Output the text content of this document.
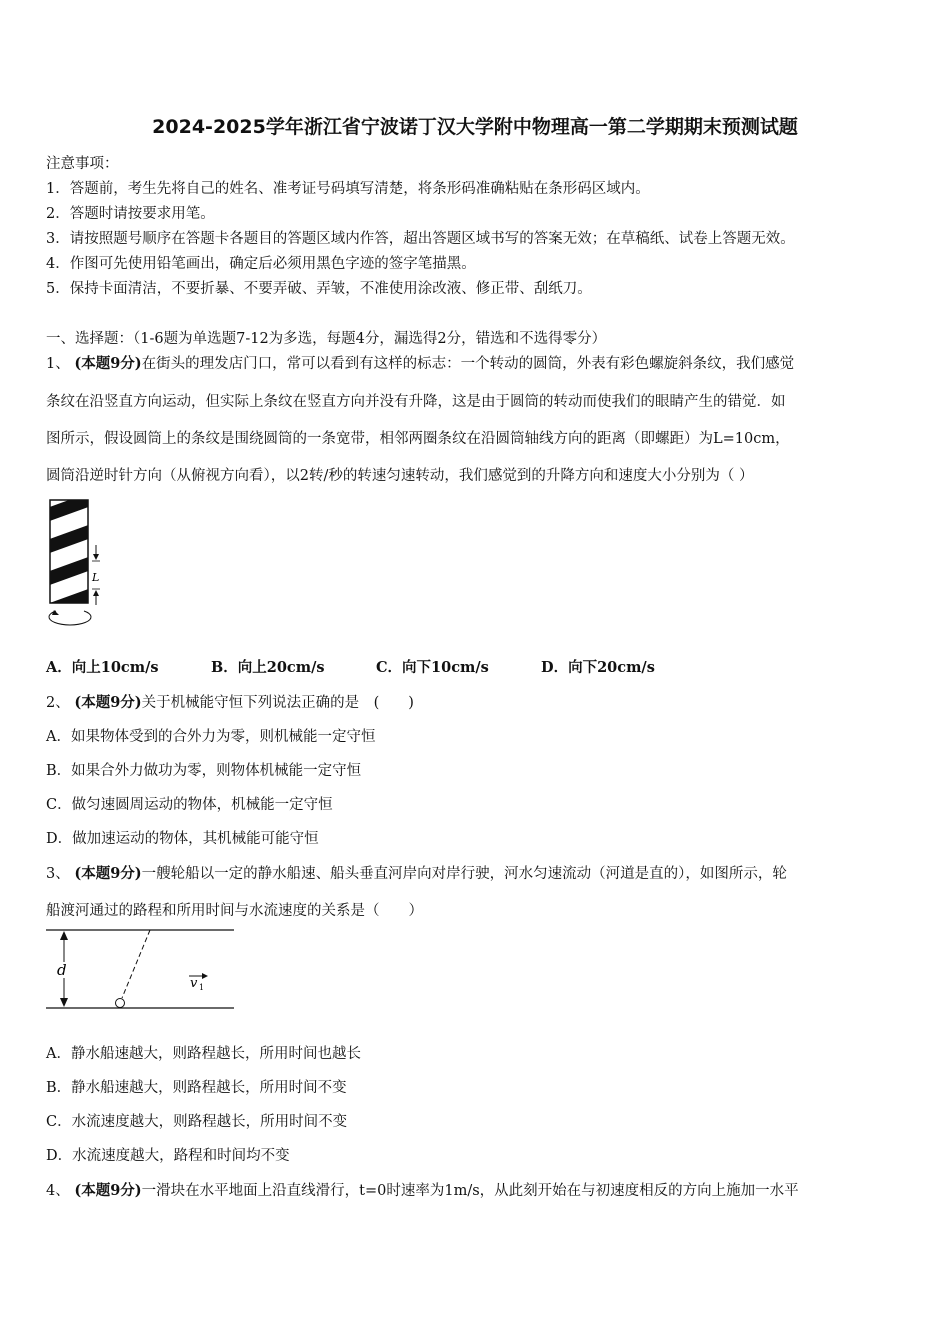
2024-2025学年浙江省宁波诺丁汉大学附中物理高一第二学期期末预测试题
注意事项：
1．答题前，考生先将自己的姓名、准考证号码填写清楚，将条形码准确粘贴在条形码区域内。
2．答题时请按要求用笔。
3．请按照题号顺序在答题卡各题目的答题区域内作答，超出答题区域书写的答案无效；在草稿纸、试卷上答题无效。
4．作图可先使用铅笔画出，确定后必须用黑色字迹的签字笔描黑。
5．保持卡面清洁，不要折暴、不要弄破、弄皱，不准使用涂改液、修正带、刮纸刀。
一、选择题：（1-6题为单选题7-12为多选，每题4分，漏选得2分，错选和不选得零分）
1、 (本题9分)在街头的理发店门口，常可以看到有这样的标志：一个转动的圆筒，外表有彩色螺旋斜条纹，我们感觉
条纹在沿竖直方向运动，但实际上条纹在竖直方向并没有升降，这是由于圆筒的转动而使我们的眼睛产生的错觉．如
图所示，假设圆筒上的条纹是围绕圆筒的一条宽带，相邻两圈条纹在沿圆筒轴线方向的距离（即螺距）为L=10cm，
圆筒沿逆时针方向（从俯视方向看），以2转/秒的转速匀速转动，我们感觉到的升降方向和速度大小分别为（ ）
L
A．向上10cm/s	B．向上20cm/s	C．向下10cm/s	D．向下20cm/s
2、 (本题9分)关于机械能守恒下列说法正确的是　(　　)
A．如果物体受到的合外力为零，则机械能一定守恒
B．如果合外力做功为零，则物体机械能一定守恒
C．做匀速圆周运动的物体，机械能一定守恒
D．做加速运动的物体，其机械能可能守恒
3、 (本题9分)一艘轮船以一定的静水船速、船头垂直河岸向对岸行驶，河水匀速流动（河道是直的），如图所示，轮
船渡河通过的路程和所用时间与水流速度的关系是（　　）
d
v 1
A．静水船速越大，则路程越长，所用时间也越长
B．静水船速越大，则路程越长，所用时间不变
C．水流速度越大，则路程越长，所用时间不变
D．水流速度越大，路程和时间均不变
4、 (本题9分)一滑块在水平地面上沿直线滑行，t=0时速率为1m/s，从此刻开始在与初速度相反的方向上施加一水平
